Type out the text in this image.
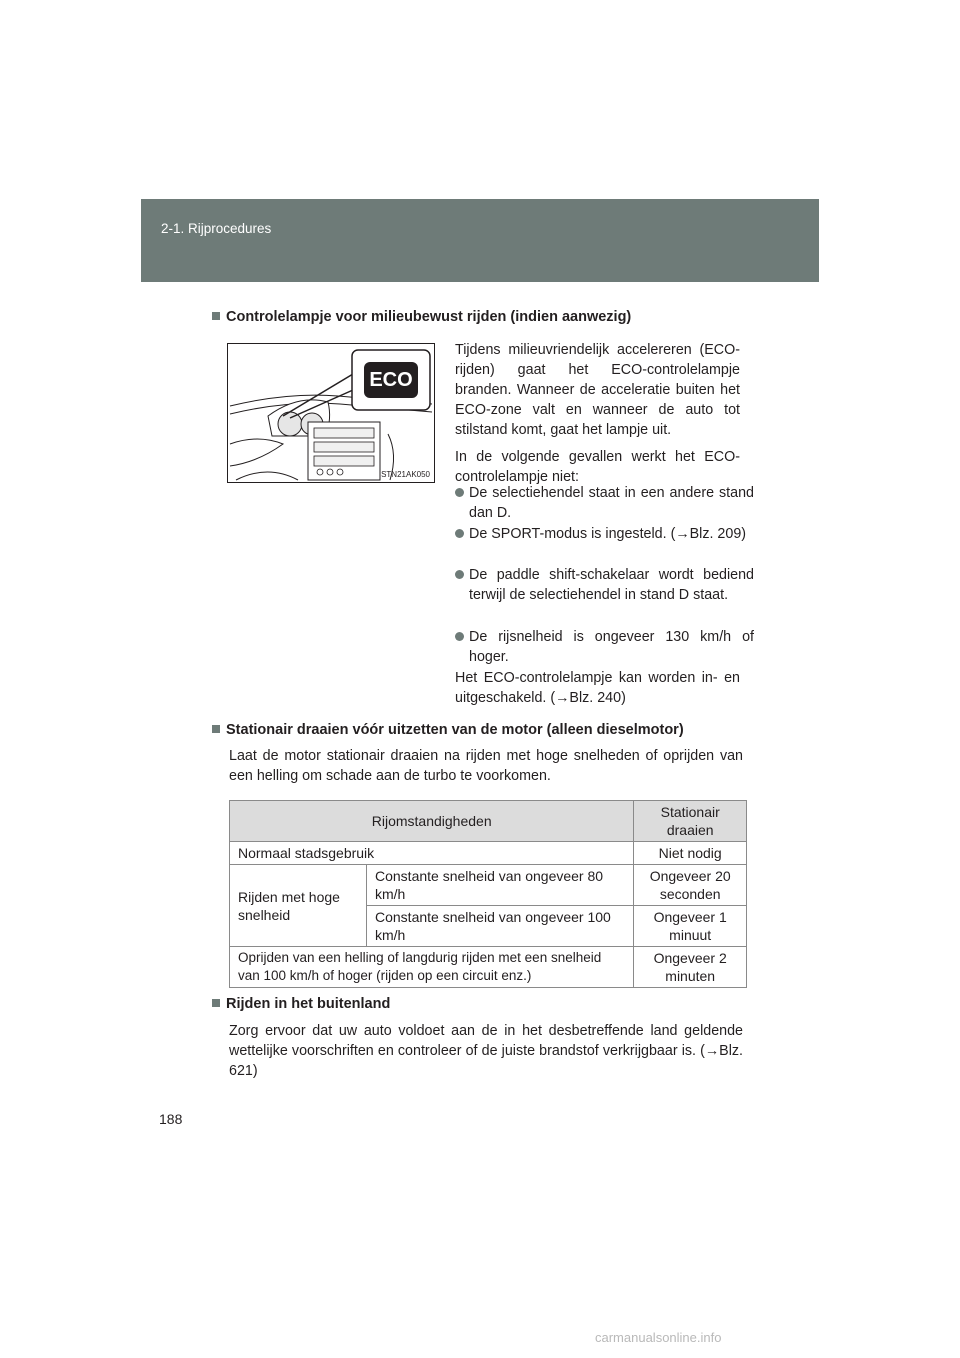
2-1. Rijprocedures
Controlelampje voor milieubewust rijden (indien aanwezig)
ECO
STN21AK050
Tijdens milieuvriendelijk accelereren (ECO-rijden) gaat het ECO-controlelampje branden. Wanneer de acceleratie buiten het ECO-zone valt en wanneer de auto tot stilstand komt, gaat het lampje uit.
In de volgende gevallen werkt het ECO-controlelampje niet:
De selectiehendel staat in een andere stand dan D.
De SPORT-modus is ingesteld. (→Blz. 209)
De paddle shift-schakelaar wordt bediend terwijl de selectiehendel in stand D staat.
De rijsnelheid is ongeveer 130 km/h of hoger.
Het ECO-controlelampje kan worden in- en uitgeschakeld. (→Blz. 240)
Stationair draaien vóór uitzetten van de motor (alleen dieselmotor)
Laat de motor stationair draaien na rijden met hoge snelheden of oprijden van een helling om schade aan de turbo te voorkomen.
Rijomstandigheden		Stationair draaien
Normaal stadsgebruik		Niet nodig
Rijden met hoge snelheid	Constante snelheid van ongeveer 80 km/h	Ongeveer 20 seconden
	Constante snelheid van ongeveer 100 km/h	Ongeveer 1 minuut
Oprijden van een helling of langdurig rijden met een snelheid van 100 km/h of hoger (rijden op een circuit enz.)		Ongeveer 2 minuten
Rijden in het buitenland
Zorg ervoor dat uw auto voldoet aan de in het desbetreffende land geldende wettelijke voorschriften en controleer of de juiste brandstof verkrijgbaar is. (→Blz. 621)
188
carmanualsonline.info
